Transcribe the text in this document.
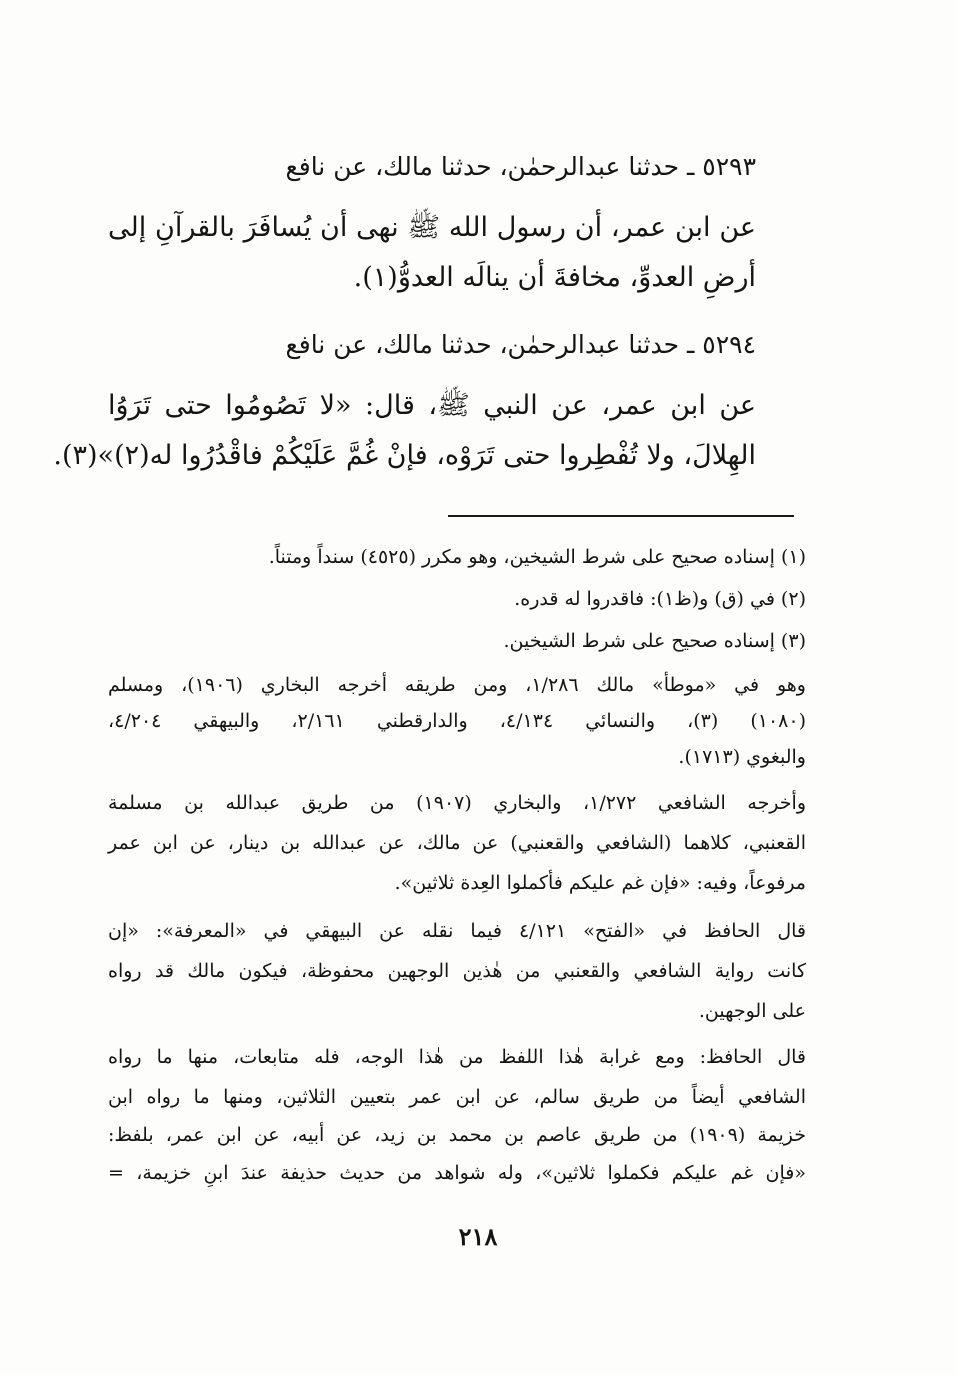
٥٢٩٣ ـ حدثنا عبدالرحمٰن، حدثنا مالك، عن نافع

عن ابن عمر، أن رسول الله ﷺ نهى أن يُسافَرَ بالقرآنِ إلى

أرضِ العدوِّ، مخافةَ أن ينالَه العدوُّ(١).

٥٢٩٤ ـ حدثنا عبدالرحمٰن، حدثنا مالك، عن نافع

عن ابن عمر، عن النبي ﷺ، قال: «لا تَصُومُوا حتى تَرَوُا

الهِلالَ، ولا تُفْطِروا حتى تَرَوْه، فإنْ غُمَّ عَلَيْكُمْ فاقْدُرُوا له(٢)»(٣).

(١) إسناده صحيح على شرط الشيخين، وهو مكرر (٤٥٢٥) سنداً ومتناً.

(٢) في (ق) و(ظ١): فاقدروا له قدره.

(٣) إسناده صحيح على شرط الشيخين.

وهو في «موطأ» مالك ١/٢٨٦، ومن طريقه أخرجه البخاري (١٩٠٦)، ومسلم

(١٠٨٠) (٣)، والنسائي ٤/١٣٤، والدارقطني ٢/١٦١، والبيهقي ٤/٢٠٤،

والبغوي (١٧١٣).

وأخرجه الشافعي ١/٢٧٢، والبخاري (١٩٠٧) من طريق عبدالله بن مسلمة

القعنبي، كلاهما (الشافعي والقعنبي) عن مالك، عن عبدالله بن دينار، عن ابن عمر

مرفوعاً، وفيه: «فإن غم عليكم فأكملوا العِدة ثلاثين».

قال الحافظ في «الفتح» ٤/١٢١ فيما نقله عن البيهقي في «المعرفة»: «إن

كانت رواية الشافعي والقعنبي من هٰذين الوجهين محفوظة، فيكون مالك قد رواه

على الوجهين.

قال الحافظ: ومع غرابة هٰذا اللفظ من هٰذا الوجه، فله متابعات، منها ما رواه

الشافعي أيضاً من طريق سالم، عن ابن عمر بتعيين الثلاثين، ومنها ما رواه ابن

خزيمة (١٩٠٩) من طريق عاصم بن محمد بن زيد، عن أبيه، عن ابن عمر، بلفظ:

«فإن غم عليكم فكملوا ثلاثين»، وله شواهد من حديث حذيفة عندَ ابنِ خزيمة، =

٢١٨
